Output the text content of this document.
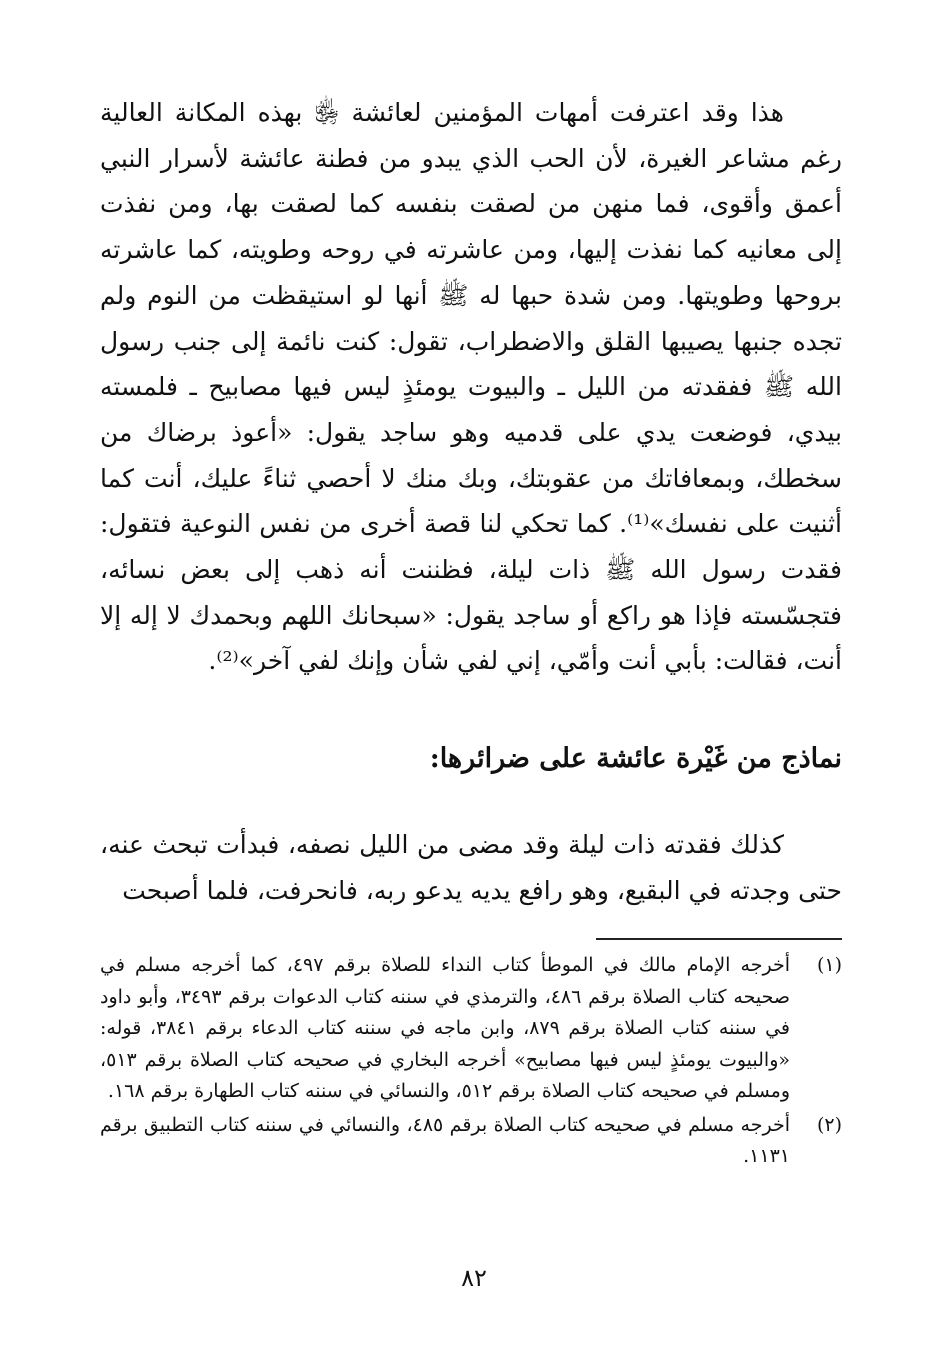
هذا وقد اعترفت أمهات المؤمنين لعائشة ﵂ بهذه المكانة العالية رغم مشاعر الغيرة، لأن الحب الذي يبدو من فطنة عائشة لأسرار النبي أعمق وأقوى، فما منهن من لصقت بنفسه كما لصقت بها، ومن نفذت إلى معانيه كما نفذت إليها، ومن عاشرته في روحه وطويته، كما عاشرته بروحها وطويتها. ومن شدة حبها له ﷺ أنها لو استيقظت من النوم ولم تجده جنبها يصيبها القلق والاضطراب، تقول: كنت نائمة إلى جنب رسول الله ﷺ ففقدته من الليل ـ والبيوت يومئذٍ ليس فيها مصابيح ـ فلمسته بيدي، فوضعت يدي على قدميه وهو ساجد يقول: «أعوذ برضاك من سخطك، وبمعافاتك من عقوبتك، وبك منك لا أحصي ثناءً عليك، أنت كما أثنيت على نفسك»⁽¹⁾. كما تحكي لنا قصة أخرى من نفس النوعية فتقول: فقدت رسول الله ﷺ ذات ليلة، فظننت أنه ذهب إلى بعض نسائه، فتجسّسته فإذا هو راكع أو ساجد يقول: «سبحانك اللهم وبحمدك لا إله إلا أنت، فقالت: بأبي أنت وأمّي، إني لفي شأن وإنك لفي آخر»⁽²⁾.

نماذج من غَيْرة عائشة على ضرائرها:

كذلك فقدته ذات ليلة وقد مضى من الليل نصفه، فبدأت تبحث عنه، حتى وجدته في البقيع، وهو رافع يديه يدعو ربه، فانحرفت، فلما أصبحت

(١)
أخرجه الإمام مالك في الموطأ كتاب النداء للصلاة برقم ٤٩٧، كما أخرجه مسلم في صحيحه كتاب الصلاة برقم ٤٨٦، والترمذي في سننه كتاب الدعوات برقم ٣٤٩٣، وأبو داود في سننه كتاب الصلاة برقم ٨٧٩، وابن ماجه في سننه كتاب الدعاء برقم ٣٨٤١، قوله: «والبيوت يومئذٍ ليس فيها مصابيح» أخرجه البخاري في صحيحه كتاب الصلاة برقم ٥١٣، ومسلم في صحيحه كتاب الصلاة برقم ٥١٢، والنسائي في سننه كتاب الطهارة برقم ١٦٨.
(٢)
أخرجه مسلم في صحيحه كتاب الصلاة برقم ٤٨٥، والنسائي في سننه كتاب التطبيق برقم ١١٣١.
٨٢
